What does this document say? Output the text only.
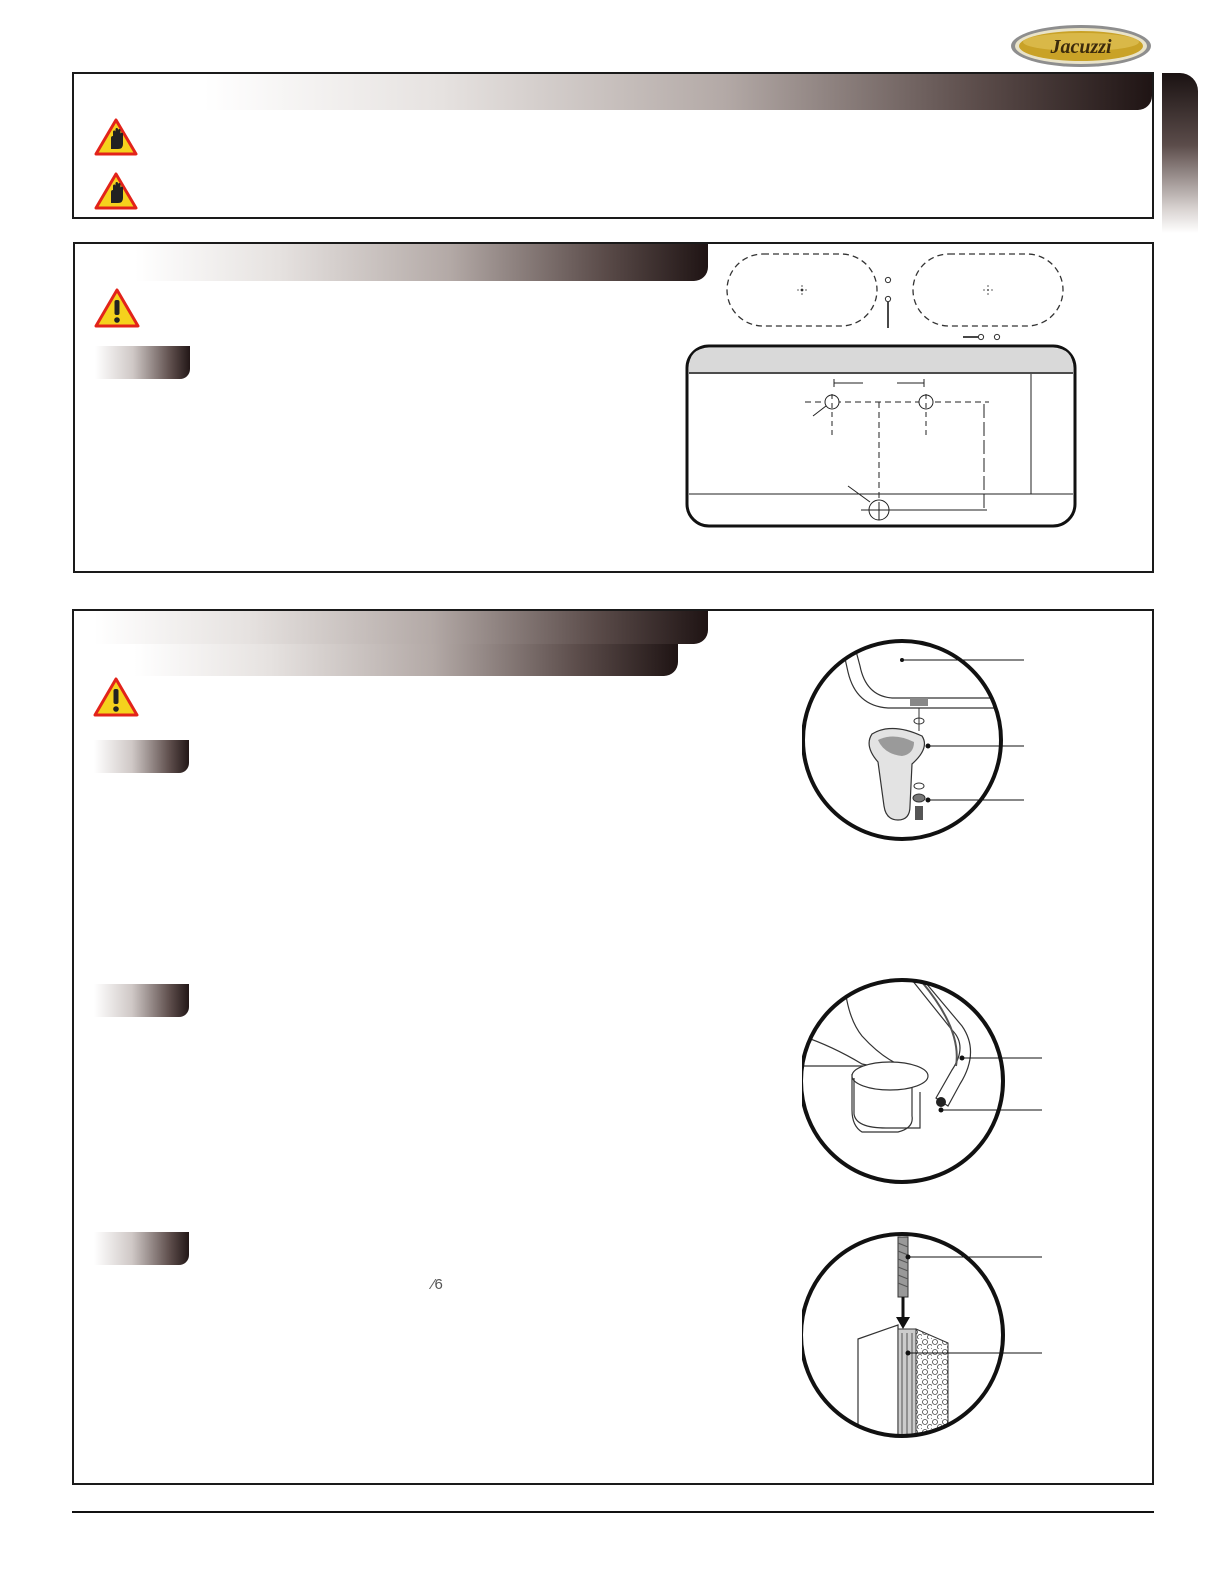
Jacuzzi
⁄6
